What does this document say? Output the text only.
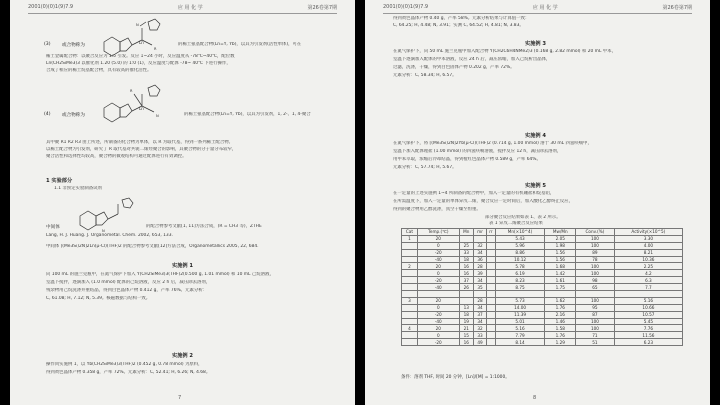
2001(0)(0)1(9)7.9	应 用 化 学	第26卷第7期
(3) 或合物称为
Ln
N
R
的稀土氨基配合物(Ln=Y, Yb)，以其为引发剂(活性单体)，可在
稀土金属配合物：以聚合反应为 1:5 引发。反应 1~24 小时，反应温度从 -78℃~40℃，配位数
Ln(CH2SiMe3)3 以催化剂 1.20 (5.0) 的 1:0 (1)，反应温度与配体 -78~ 40℃ 下进行操作，
合成了相应的稀土烷基配合物，具有较高的催化活性。
(4) 或合物称为
Ln
R
N	的稀土氨基配合物(Ln=Y, Yb)，以其为引发剂，1, 2-、1, 4-聚合
其中聚 R1 R2 R3 由上所述，所制备的化合物为单体，以 R 为取代基，得到一系列稀土配合物。
以稀土配合物为引发剂，研究了 R 取代基对共轭二烯烃聚合的影响，其聚合物的分子量分布较窄，
聚合活性和选择性均较高，聚合物的微观结构可通过配体进行有效调控。
1 实验部分
1.1 非预定实验制备试剂
中间体
N
的配合物参考文献[1, 11]方法合成，(R = CH3 等)，ZTHE
Lang, H. J. Huang. J. Organometal. Chem. 2002, 653, 133.
中间体 [(Me3Si)2N]2Ln(μ-Cl)(THF)2 的配合物参考文献[12]方法合成，Organometallics 2005, 22, 684.
实施例 1
向 100 mL 的施兰克瓶中，在氮气保护下加入 Y(CH2SiMe3)3(THF)2(0.500 g, 1.01 mmol) 和 10 mL 己烷溶液，
室温下搅拌，逐滴加入 (1.0 mmol) 配体的己烷溶液，反应 2 h 后，减压除去溶剂，
残余物用己烷洗涤并重结晶，得到白色晶体产物 0.412 g，产率 76%。元素分析：
C, 61.08; H, 7.12; N, 5.39。核磁数据与结构一致。
实施例 2
操作同实施例 1，以 Yb(CH2SiMe3)3(THF)2 (0.452 g, 0.78 mmol) 为原料，
得到黄色晶体产物 0.358 g，产率 72%。元素分析：C, 52.41; H, 6.26; N, 4.68。
7
2001(0)(0)1(9)7.9	应 用 化 学	第26卷第7期
得到黄色晶体产物 0.40 g，产率 58%。元素分析结果与计算值一致：
C, 64.25; H, 4.48; N, 3.91；实测 C, 64.52; H, 4.81; N, 3.83。
实施例 3
在氮气保护下，向 50 mL 施兰克瓶中加入配合物 Y(CH2C6H4NMe2)3 (0.168 g, 2.82 mmol) 和 20 mL 甲苯，
室温下逐滴加入配体的甲苯溶液，反应 24 h 后，减压浓缩，加入己烷析出晶体，
过滤，洗涤，干燥，得到白色固体产物 0.202 g，产率 72%。
元素分析：C, 58.34; H, 6.57。
实施例 4
在氮气保护下，将 [(Me3Si)2N]2Yb(μ-Cl)(THF)2 (0.714 g, 1.00 mmol) 溶于 30 mL 四氢呋喃中，
室温下加入配体锂盐 (1.00 mmol) 的四氢呋喃溶液，搅拌反应 12 h，减压除去溶剂，
用甲苯萃取，浓缩后冷却结晶，得到橙红色晶体产物 0.589 g，产率 64%。
元素分析：C, 57.74; H, 5.67。
实施例 5
在一定量的上述实施例 1~4 所制备的配合物中，加入一定量的有机硼盐和烷基铝，
在所需温度下，加入一定量的单体异戊二烯，聚合反应一定时间后，加入酸化乙醇终止反应，
得到的聚合物用乙醇洗涤，真空干燥至恒重。
部分聚合反应结果如表 1、表 2 所示。
表 1 异戊二烯聚合反应结果
Cat	Temp.(℃)	Mn	mr	rr	Mn(×10^4)	Mw/Mn	Conv.(%)	Activity(×10^5)
1	20				5.43	2.05	100	3.30
	0	25	32		5.96	1.98	100	4.00
	-20	33	34		8.86	1.56	89	8.21
	-40	18	36		10.12	1.56	78	10.36
2	20	16	28		5.78	1.68	100	2.25
	0	16	39		6.19	1.42	100	4.2
	-20	37	34		8.23	1.61	98	6.3
	-40	26	35		8.75	1.75	65	7.7

3	20		28		5.73	1.62	100	5.16
	0	13	34		14.00	1.76	95	10.66
	-20	18	37		11.39	2.16	87	10.57
	-40	19	34		5.01	1.46	100	5.45
4	20	21	32		5.16	1.58	100	7.76
	0	15	33		7.79	1.76	71	11.56
	-20	16	49		8.14	1.29	51	6.23
条件：溶剂 THF, 时间 20 分钟，[Ln]/[M] = 1:1000。
8
